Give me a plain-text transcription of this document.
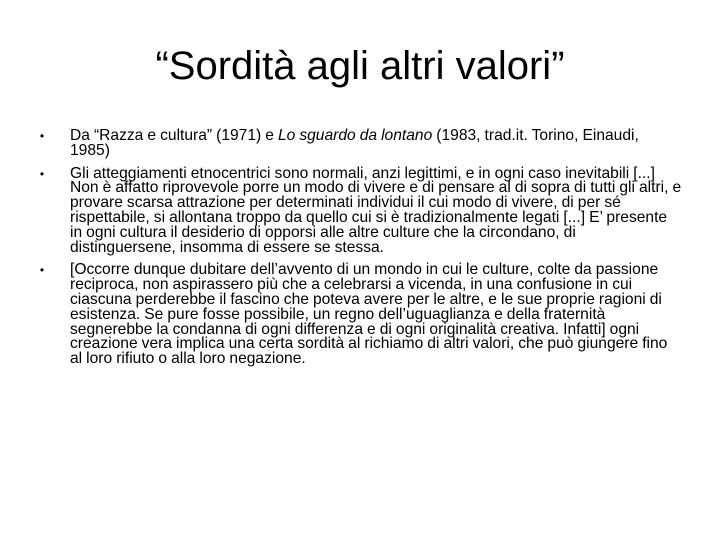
“Sordità agli altri valori”
•	Da “Razza e cultura” (1971) e Lo sguardo da lontano (1983, trad.it. Torino, Einaudi, 1985)
•	Gli atteggiamenti etnocentrici sono normali, anzi legittimi, e in ogni caso inevitabili [...] Non è affatto riprovevole porre un modo di vivere e di pensare al di sopra di tutti gli altri, e provare scarsa attrazione per determinati individui il cui modo di vivere, di per sé rispettabile, si allontana troppo da quello cui si è tradizionalmente legati [...] E’ presente in ogni cultura il desiderio di opporsi alle altre culture che la circondano, di distinguersene, insomma di essere se stessa.
•	[Occorre dunque dubitare dell’avvento di un mondo in cui le culture, colte da passione reciproca, non aspirassero più che a celebrarsi a vicenda, in una confusione in cui ciascuna perderebbe il fascino che poteva avere per le altre, e le sue proprie ragioni di esistenza. Se pure fosse possibile, un regno dell’uguaglianza e della fraternità segnerebbe la condanna di ogni differenza e di ogni originalità creativa. Infatti] ogni creazione vera implica una certa sordità al richiamo di altri valori, che può giungere fino al loro rifiuto o alla loro negazione.
